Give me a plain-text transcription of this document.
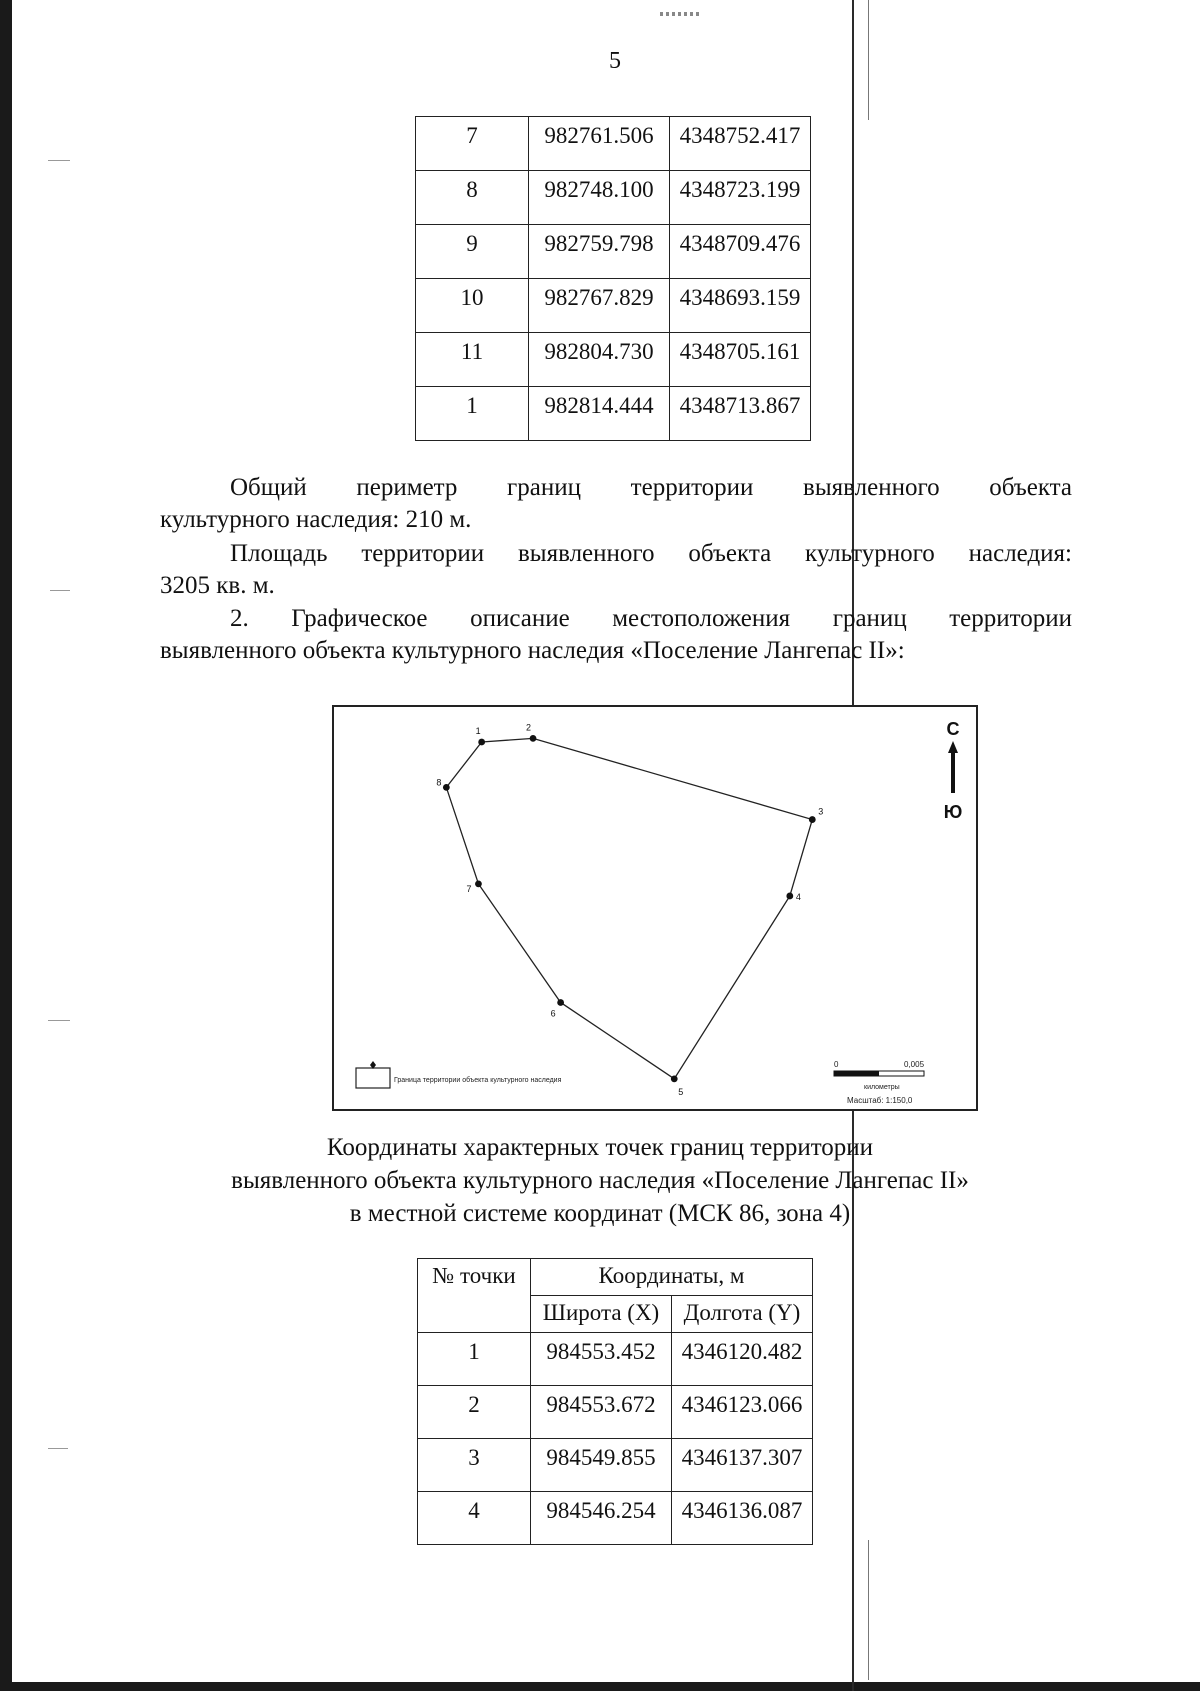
5
7	982761.506	4348752.417
8	982748.100	4348723.199
9	982759.798	4348709.476
10	982767.829	4348693.159
11	982804.730	4348705.161
1	982814.444	4348713.867
Общий периметр границ территории выявленного объекта
культурного наследия: 210 м.
Площадь территории выявленного объекта культурного наследия:
3205 кв. м.
2. Графическое описание местоположения границ территории
выявленного объекта культурного наследия «Поселение Лангепас II»:
1	2
3
4
5
6
7
8
С
Ю
Граница территории объекта культурного наследия
0	0,005
километры
Масштаб: 1:150,0
Координаты характерных точек границ территории
выявленного объекта культурного наследия «Поселение Лангепас II»
в местной системе координат (МСК 86, зона 4)
№ точки	Координаты, м	
	Широта (X)	Долгота (Y)
1	984553.452	4346120.482
2	984553.672	4346123.066
3	984549.855	4346137.307
4	984546.254	4346136.087
